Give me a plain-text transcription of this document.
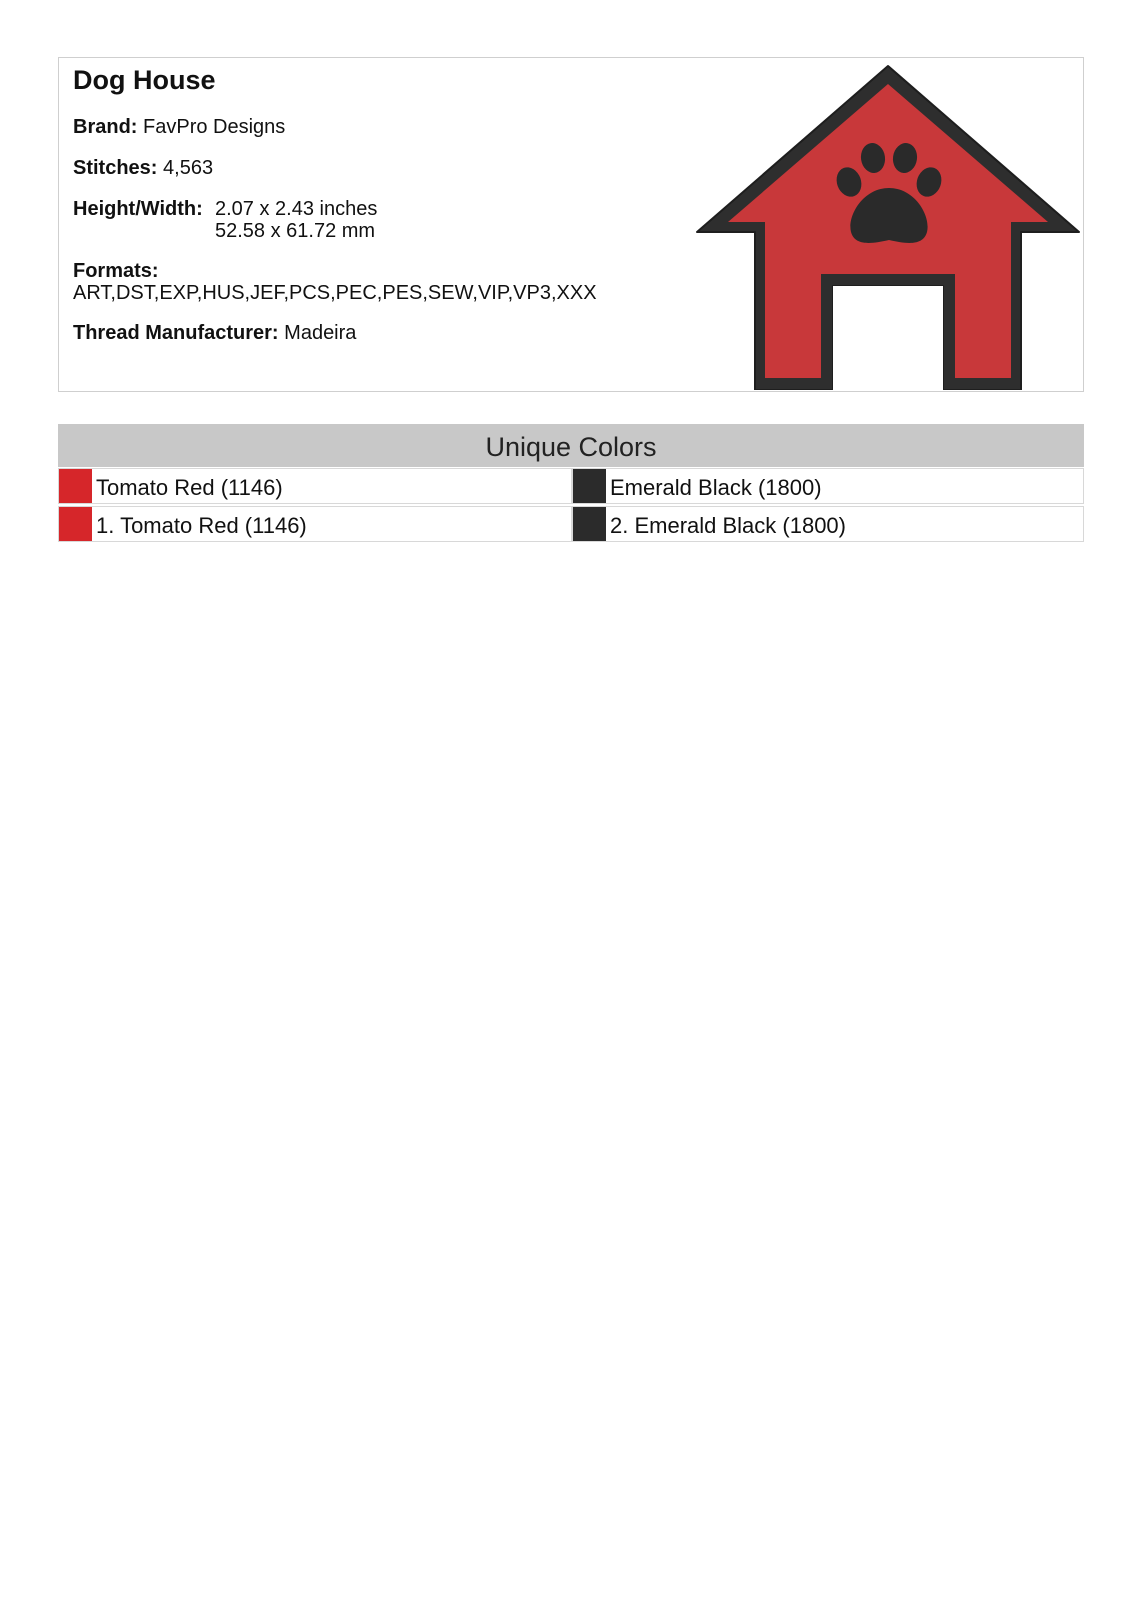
Dog House
Brand: FavPro Designs
Stitches: 4,563
Height/Width: 2.07 x 2.43 inches
52.58 x 61.72 mm
Formats:
ART,DST,EXP,HUS,JEF,PCS,PEC,PES,SEW,VIP,VP3,XXX
Thread Manufacturer: Madeira
Unique Colors
Tomato Red (1146)	Emerald Black (1800)
1. Tomato Red (1146)	2. Emerald Black (1800)
